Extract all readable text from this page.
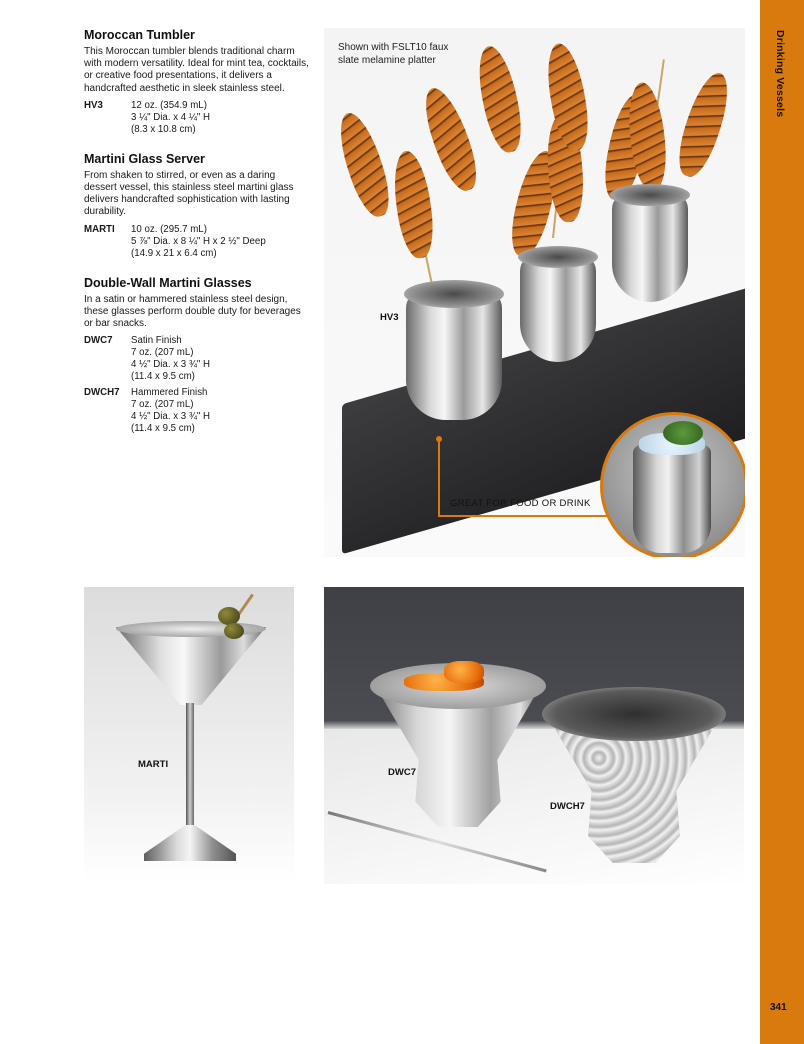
Drinking Vessels
341
Moroccan Tumbler
This Moroccan tumbler blends traditional charm with modern versatility. Ideal for mint tea, cocktails, or creative food presentations, it delivers a handcrafted aesthetic in sleek stainless steel.
HV3	12 oz. (354.9 mL)
3 ¼" Dia. x 4 ¼" H
(8.3 x 10.8 cm)
Martini Glass Server
From shaken to stirred, or even as a daring dessert vessel, this stainless steel martini glass delivers handcrafted sophistication with lasting durability.
MARTI	10 oz. (295.7 mL)
5 ⅞" Dia. x 8 ¼" H x 2 ½" Deep
(14.9 x 21 x 6.4 cm)
Double-Wall Martini Glasses
In a satin or hammered stainless steel design, these glasses perform double duty for beverages or bar snacks.
DWC7	Satin Finish
7 oz. (207 mL)
4 ½" Dia. x 3 ¾" H
(11.4 x 9.5 cm)
DWCH7	Hammered Finish
7 oz. (207 mL)
4 ½" Dia. x 3 ¾" H
(11.4 x 9.5 cm)
Shown with FSLT10 faux
slate melamine platter
HV3
GREAT FOR FOOD OR DRINK
MARTI
DWC7
DWCH7
